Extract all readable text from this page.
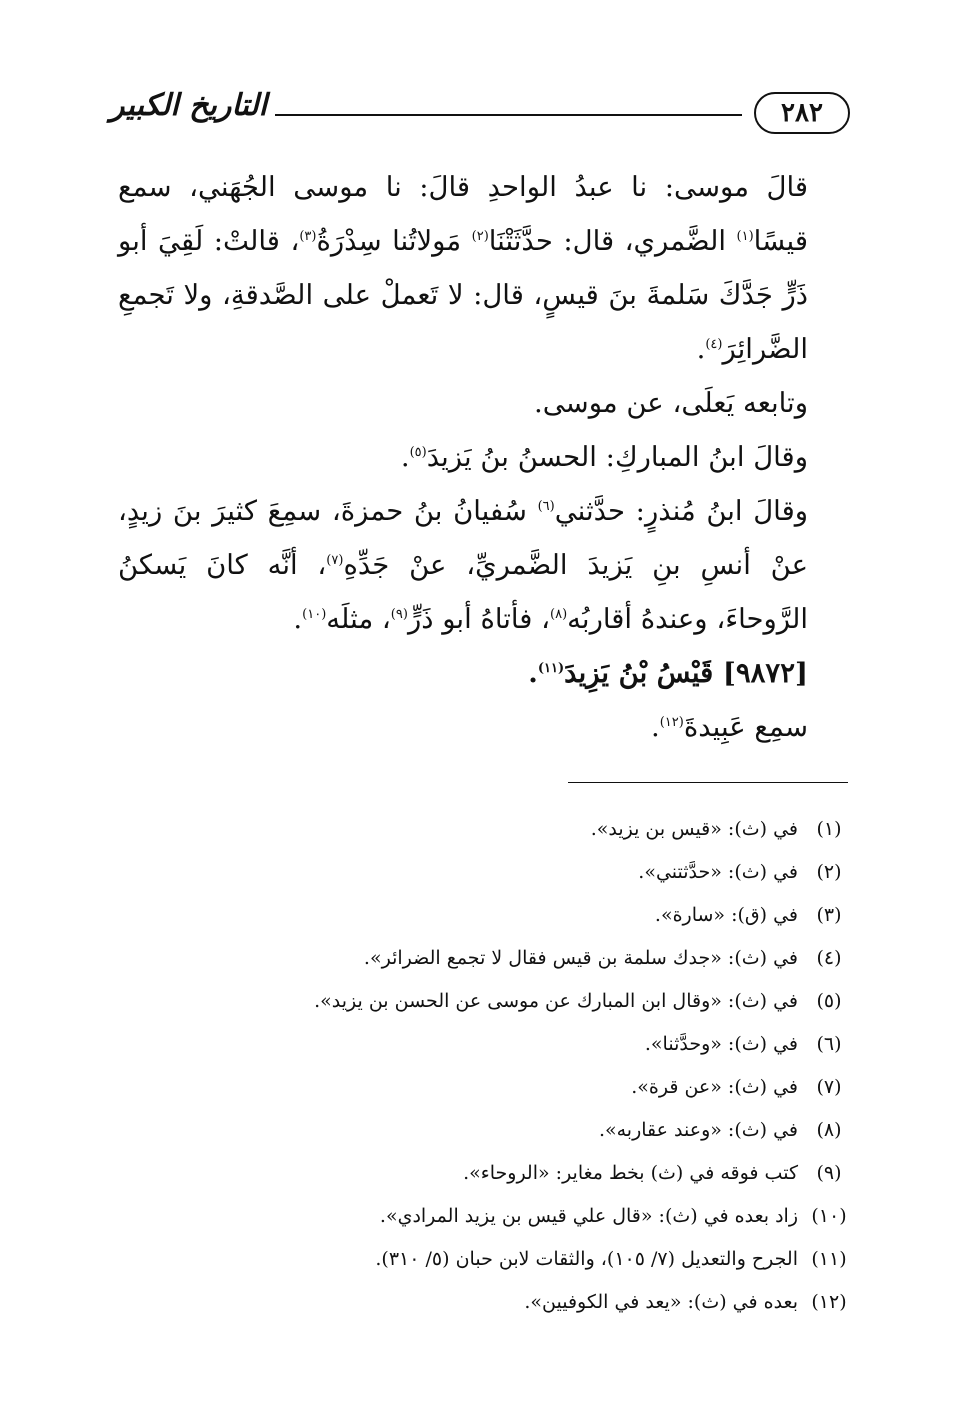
٢٨٢
التاريخ الكبير

قالَ موسى: نا عبدُ الواحدِ قالَ: نا موسى الجُهَني، سمع قيسًا$^{(١)}$ الضَّمري، قال: حدَّثَتْنَا$^{(٢)}$ مَولاتُنا سِدْرَةُ$^{(٣)}$، قالتْ: لَقِيَ أبو ذَرٍّ جَدَّكَ سَلمةَ بنَ قيسٍ، قال: لا تَعملْ على الصَّدقةِ، ولا تَجمعِ الضَّرائِرَ$^{(٤)}$.

وتابعه يَعلَى، عن موسى.

وقالَ ابنُ المباركِ: الحسنُ بنُ يَزيدَ$^{(٥)}$.

وقالَ ابنُ مُنذرٍ: حدَّثني$^{(٦)}$ سُفيانُ بنُ حمزةَ، سمِعَ كثيرَ بنَ زيدٍ، عنْ أنسِ بنِ يَزيدَ الضَّمريِّ، عنْ جَدِّهِ$^{(٧)}$، أنَّه كانَ يَسكنُ الرَّوحاءَ، وعندهُ أقاربُه$^{(٨)}$، فأتاهُ أبو ذَرٍّ$^{(٩)}$، مثلَه$^{(١٠)}$.

[٩٨٧٢] قَيْسُ بْنُ يَزِيدَ$^{(١١)}$.

سمِع عَبِيدةَ$^{(١٢)}$.

(١)في (ث): «قيس بن يزيد».
(٢)في (ث): «حدَّثتني».
(٣)في (ق): «سارة».
(٤)في (ث): «جدك سلمة بن قيس فقال لا تجمع الضرائر».
(٥)في (ث): «وقال ابن المبارك عن موسى عن الحسن بن يزيد».
(٦)في (ث): «وحدَّثنا».
(٧)في (ث): «عن قرة».
(٨)في (ث): «وعند عقاربه».
(٩)كتب فوقه في (ث) بخط مغاير: «الروحاء».
(١٠)زاد بعده في (ث): «قال علي قيس بن يزيد المرادي».
(١١)الجرح والتعديل (٧/ ١٠٥)، والثقات لابن حبان (٥/ ٣١٠).
(١٢)بعده في (ث): «يعد في الكوفيين».
